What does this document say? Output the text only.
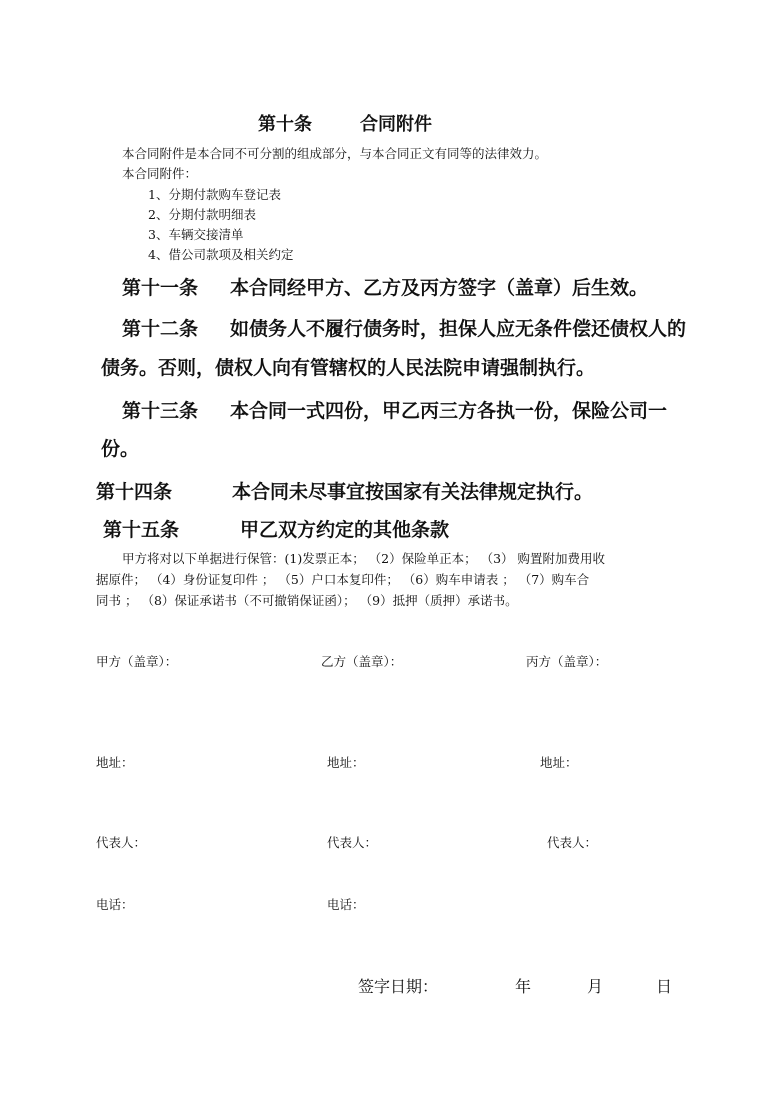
第十条	合同附件
本合同附件是本合同不可分割的组成部分，与本合同正文有同等的法律效力。
本合同附件：
1、分期付款购车登记表
2、分期付款明细表
3、车辆交接清单
4、借公司款项及相关约定
第十一条 本合同经甲方、乙方及丙方签字（盖章）后生效。
第十二条 如债务人不履行债务时，担保人应无条件偿还债权人的
债务。否则，债权人向有管辖权的人民法院申请强制执行。
第十三条 本合同一式四份，甲乙丙三方各执一份，保险公司一
份。
第十四条	本合同未尽事宜按国家有关法律规定执行。
第十五条	甲乙双方约定的其他条款
甲方将对以下单据进行保管：(1)发票正本； （2）保险单正本； （3） 购置附加费用收
据原件； （4）身份证复印件 ； （5）户口本复印件； （6）购车申请表 ； （7）购车合
同书 ； （8）保证承诺书（不可撤销保证函）； （9）抵押（质押）承诺书。
甲方（盖章）：	乙方（盖章）：	丙方（盖章）：
地址：	地址：	地址：
代表人：	代表人：	代表人：
电话：	电话：
签字日期：	年	月	日
